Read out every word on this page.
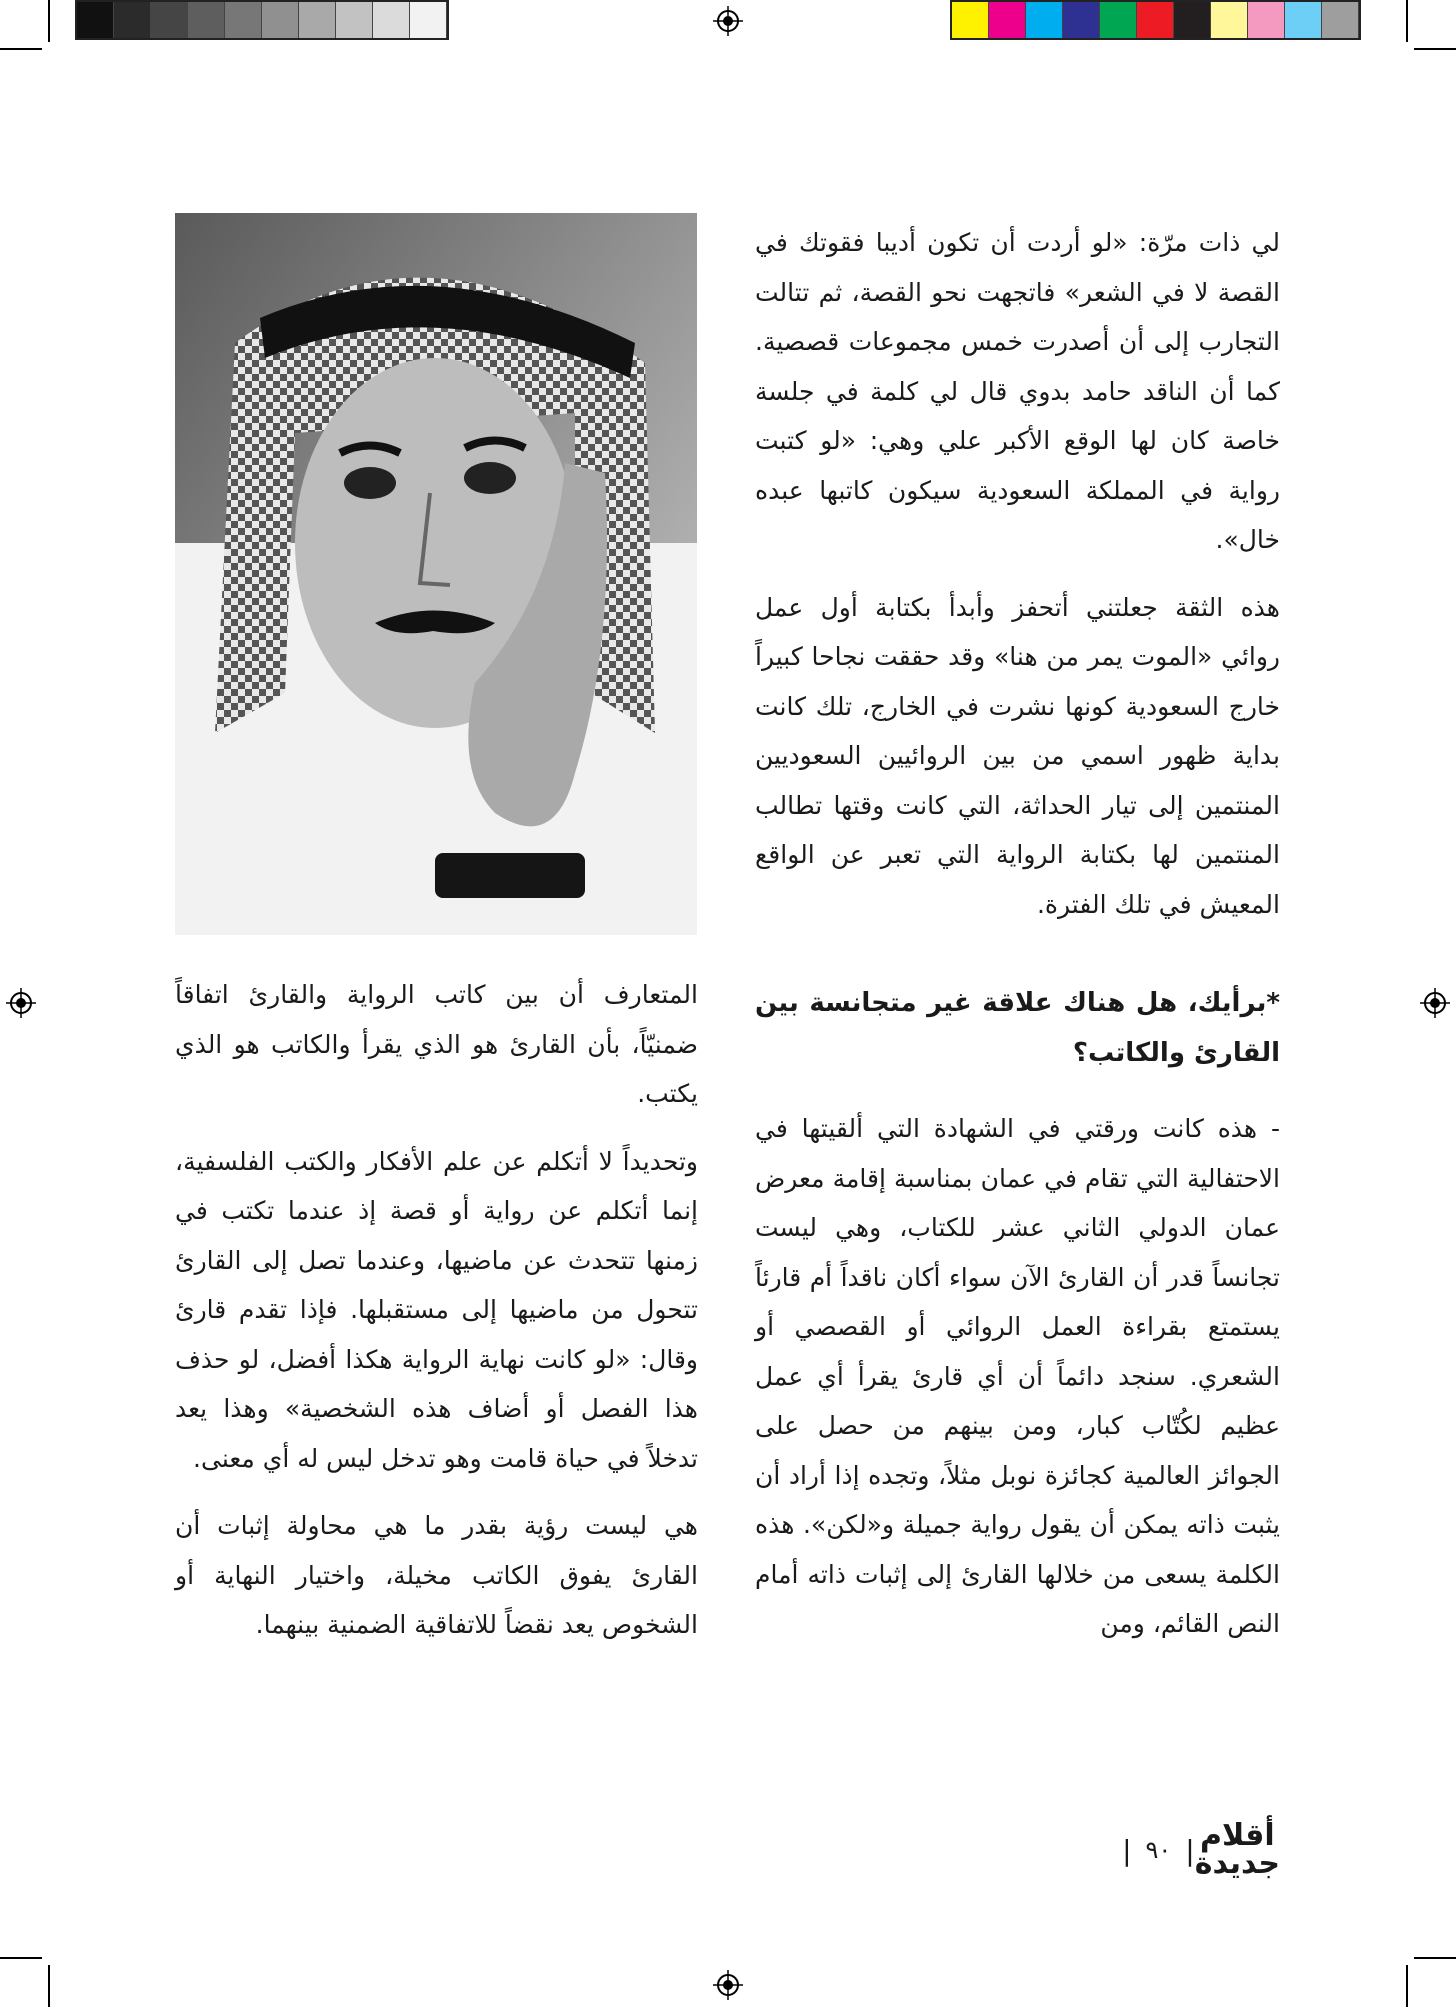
لي ذات مرّة: «لو أردت أن تكون أديبا فقوتك في القصة لا في الشعر» فاتجهت نحو القصة، ثم تتالت التجارب إلى أن أصدرت خمس مجموعات قصصية. كما أن الناقد حامد بدوي قال لي كلمة في جلسة خاصة كان لها الوقع الأكبر علي وهي: «لو كتبت رواية في المملكة السعودية سيكون كاتبها عبده خال».

هذه الثقة جعلتني أتحفز وأبدأ بكتابة أول عمل روائي «الموت يمر من هنا» وقد حققت نجاحا كبيراً خارج السعودية كونها نشرت في الخارج، تلك كانت بداية ظهور اسمي من بين الروائيين السعوديين المنتمين إلى تيار الحداثة، التي كانت وقتها تطالب المنتمين لها بكتابة الرواية التي تعبر عن الواقع المعيش في تلك الفترة.

*برأيك، هل هناك علاقة غير متجانسة بين القارئ والكاتب؟

- هذه كانت ورقتي في الشهادة التي ألقيتها في الاحتفالية التي تقام في عمان بمناسبة إقامة معرض عمان الدولي الثاني عشر للكتاب، وهي ليست تجانساً قدر أن القارئ الآن سواء أكان ناقداً أم قارئاً يستمتع بقراءة العمل الروائي أو القصصي أو الشعري. سنجد دائماً أن أي قارئ يقرأ أي عمل عظيم لكُتّاب كبار، ومن بينهم من حصل على الجوائز العالمية كجائزة نوبل مثلاً، وتجده إذا أراد أن يثبت ذاته يمكن أن يقول رواية جميلة و«لكن». هذه الكلمة يسعى من خلالها القارئ إلى إثبات ذاته أمام النص القائم، ومن

المتعارف أن بين كاتب الرواية والقارئ اتفاقاً ضمنيّاً، بأن القارئ هو الذي يقرأ والكاتب هو الذي يكتب.

وتحديداً لا أتكلم عن علم الأفكار والكتب الفلسفية، إنما أتكلم عن رواية أو قصة إذ عندما تكتب في زمنها تتحدث عن ماضيها، وعندما تصل إلى القارئ تتحول من ماضيها إلى مستقبلها. فإذا تقدم قارئ وقال: «لو كانت نهاية الرواية هكذا أفضل، لو حذف هذا الفصل أو أضاف هذه الشخصية» وهذا يعد تدخلاً في حياة قامت وهو تدخل ليس له أي معنى.

هي ليست رؤية بقدر ما هي محاولة إثبات أن القارئ يفوق الكاتب مخيلة، واختيار النهاية أو الشخوص يعد نقضاً للاتفاقية الضمنية بينهما.

أقلام
جديدة
|
٩٠
|
